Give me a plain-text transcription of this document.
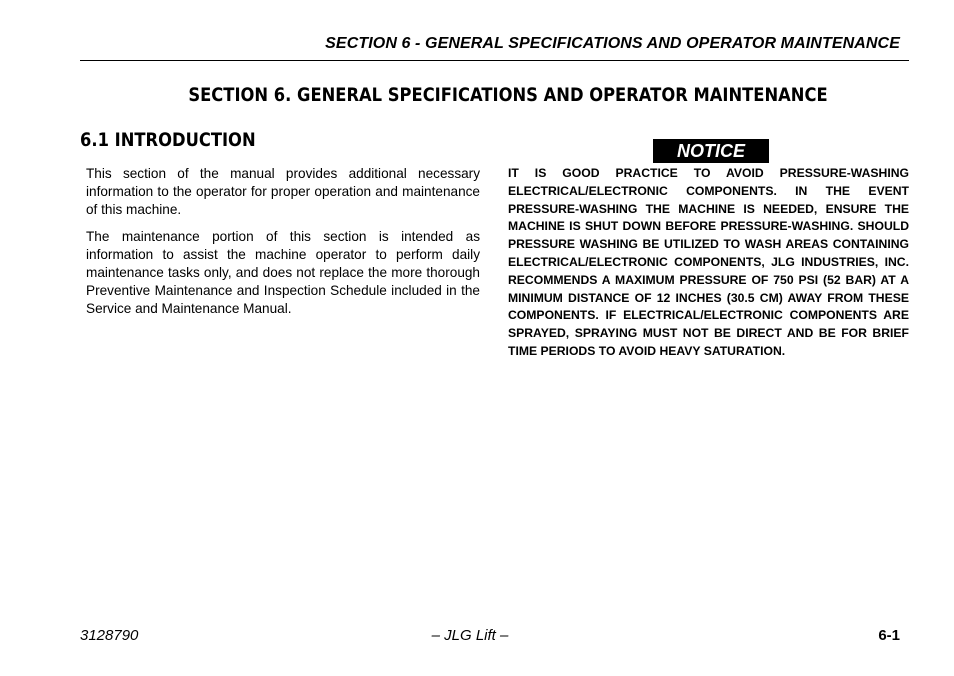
SECTION 6 - GENERAL SPECIFICATIONS AND OPERATOR MAINTENANCE
SECTION 6. GENERAL SPECIFICATIONS AND OPERATOR MAINTENANCE
6.1 INTRODUCTION

This section of the manual provides additional necessary information to the operator for proper operation and maintenance of this machine.

The maintenance portion of this section is intended as information to assist the machine operator to perform daily maintenance tasks only, and does not replace the more thorough Preventive Maintenance and Inspection Schedule included in the Service and Maintenance Manual.

NOTICE
IT IS GOOD PRACTICE TO AVOID PRESSURE-WASHING ELECTRICAL/ELECTRONIC COMPONENTS. IN THE EVENT PRESSURE-WASHING THE MACHINE IS NEEDED, ENSURE THE MACHINE IS SHUT DOWN BEFORE PRESSURE-WASHING. SHOULD PRESSURE WASHING BE UTILIZED TO WASH AREAS CONTAINING ELECTRICAL/ELECTRONIC COMPONENTS, JLG INDUSTRIES, INC. RECOMMENDS A MAXIMUM PRESSURE OF 750 PSI (52 BAR) AT A MINIMUM DISTANCE OF 12 INCHES (30.5 CM) AWAY FROM THESE COMPONENTS. IF ELECTRICAL/ELECTRONIC COMPONENTS ARE SPRAYED, SPRAYING MUST NOT BE DIRECT AND BE FOR BRIEF TIME PERIODS TO AVOID HEAVY SATURATION.
3128790	– JLG Lift –	6-1
